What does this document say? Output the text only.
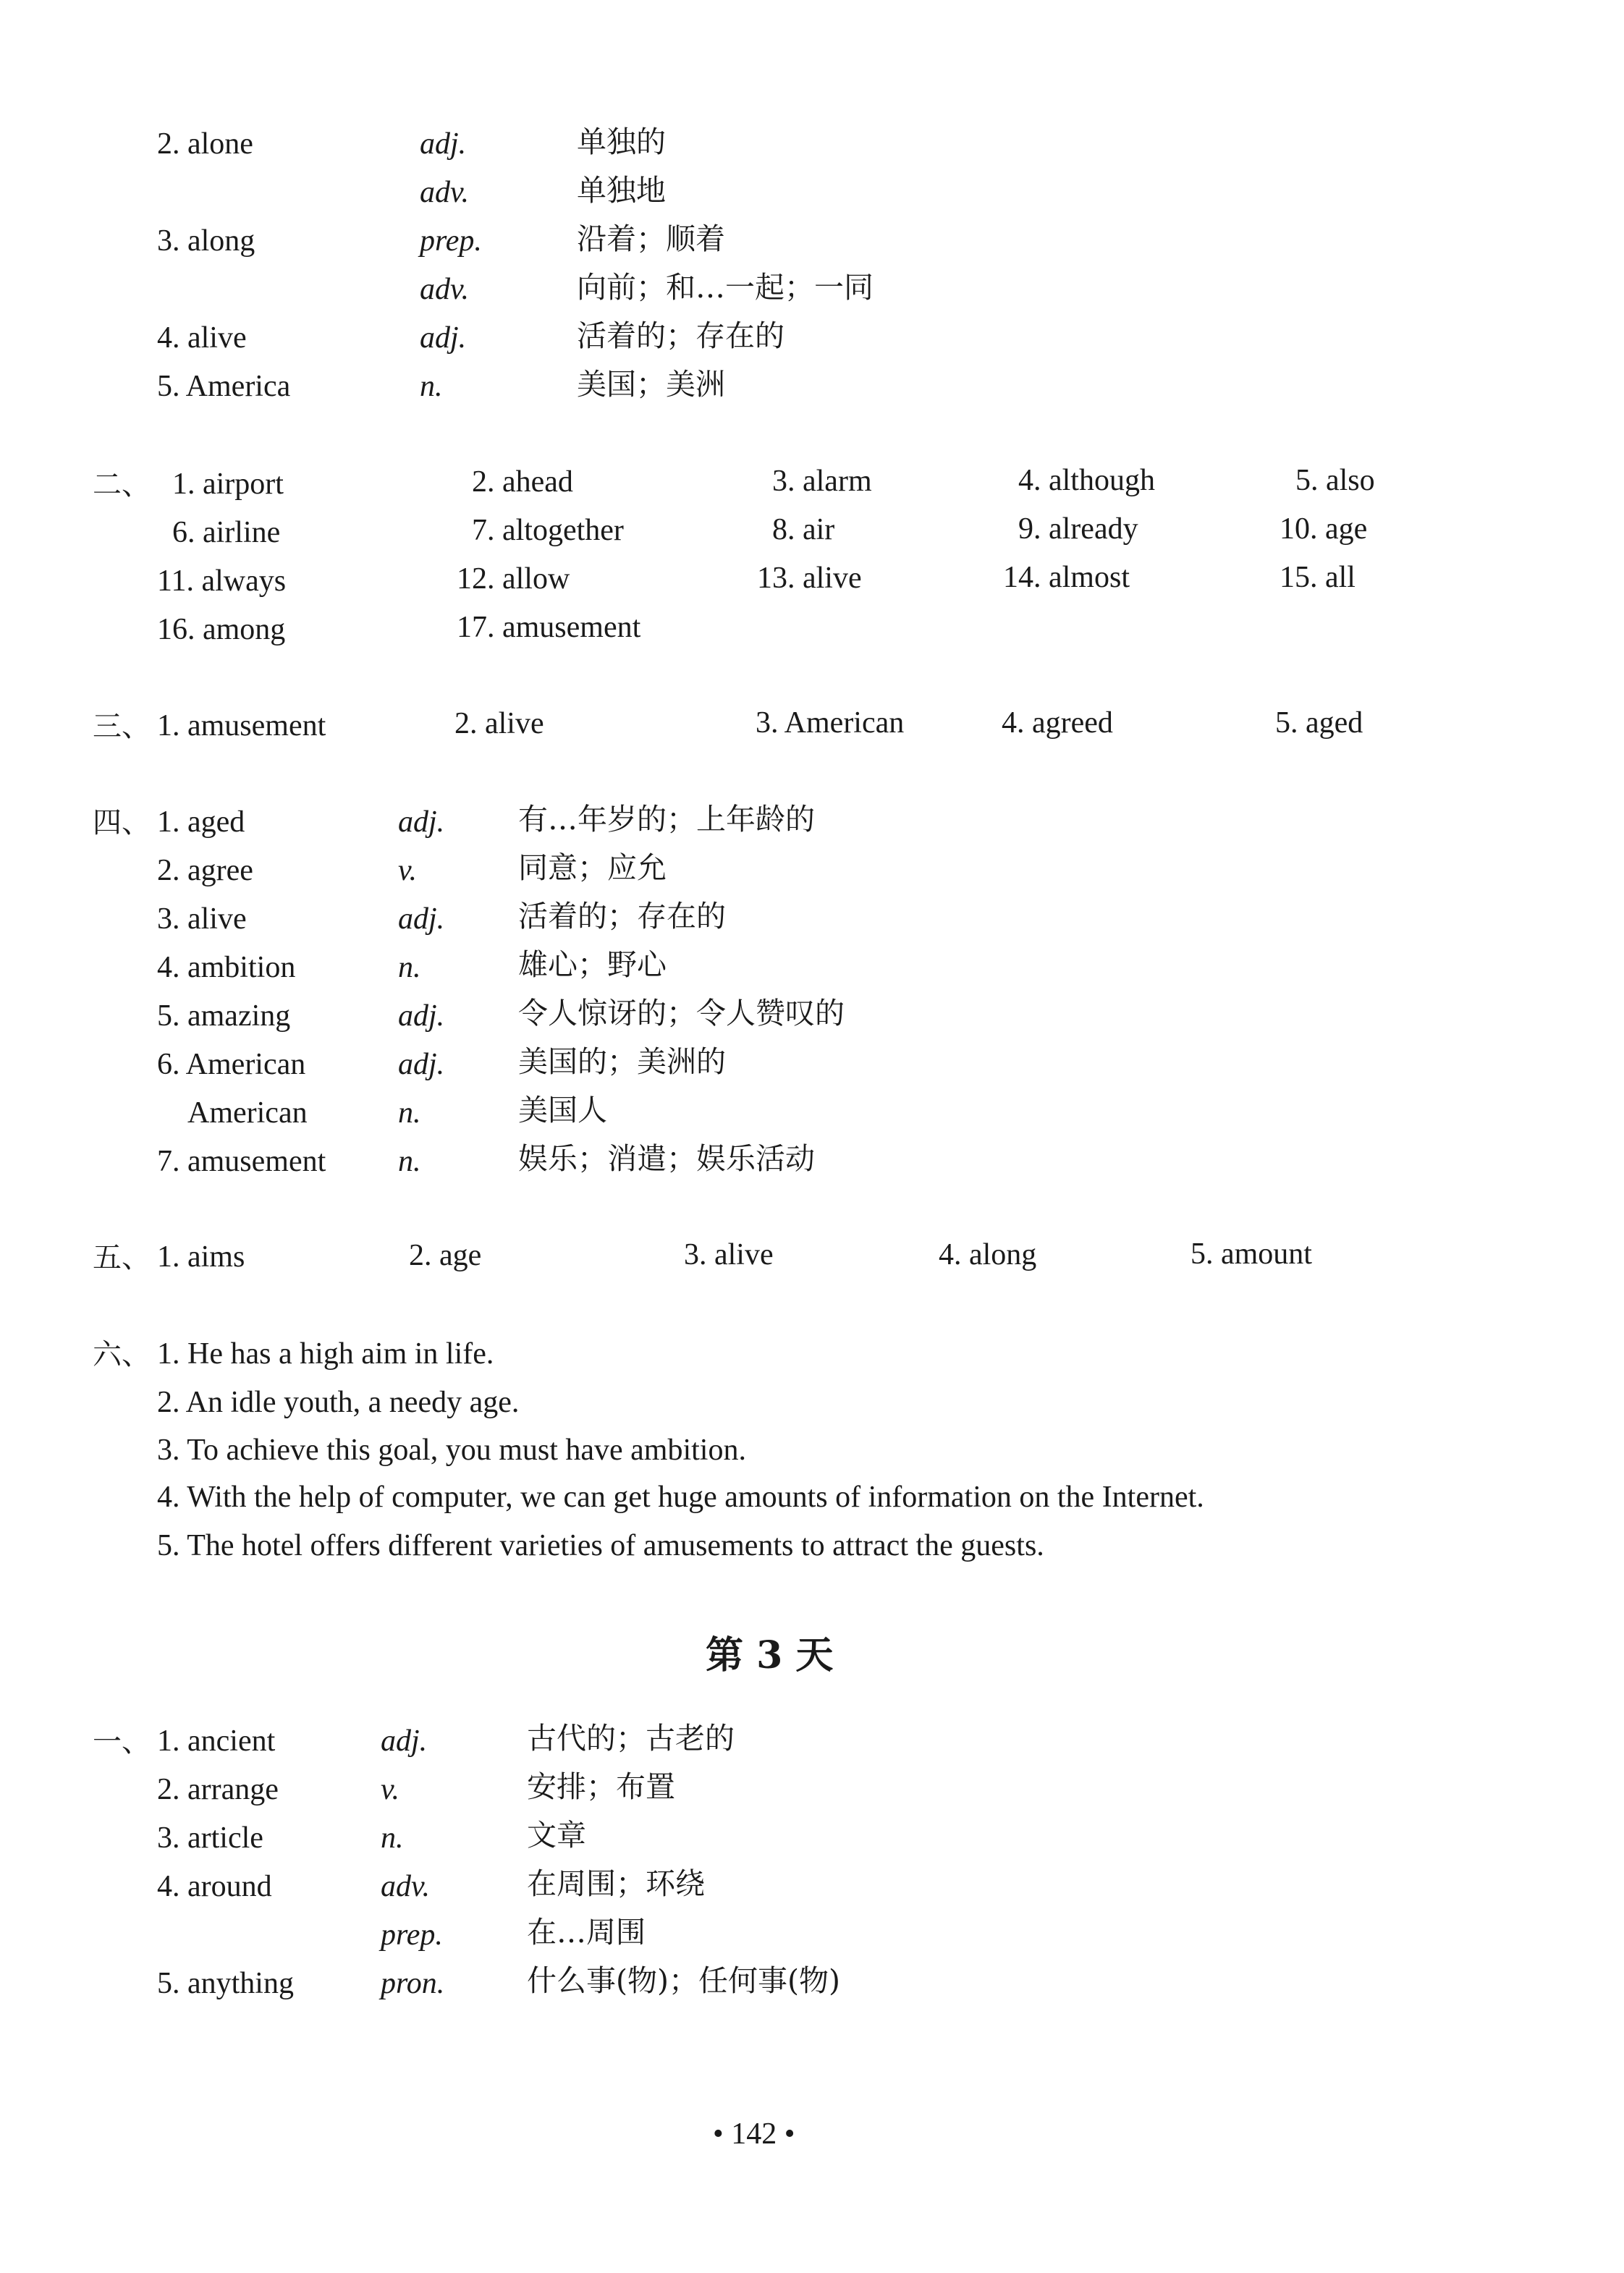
2. alone	adj.	单独的
adv.	单独地
3. along	prep.	沿着；顺着
adv.	向前；和…一起；一同
4. alive	adj.	活着的；存在的
5. America	n.	美国；美洲
二、 1. airport	2. ahead	3. alarm	4. although	5. also
6. airline	7. altogether	8. air	9. already	10. age
11. always	12. allow	13. alive	14. almost	15. all
16. among	17. amusement
三、 1. amusement	2. alive	3. American	4. agreed	5. aged
四、 1. aged	adj. 有…年岁的；上年龄的
2. agree	v.	同意；应允
3. alive	adj. 活着的；存在的
4. ambition	n.	雄心；野心
5. amazing	adj. 令人惊讶的；令人赞叹的
6. American	adj. 美国的；美洲的
American	n.	美国人
7. amusement n.	娱乐；消遣；娱乐活动
五、 1. aims	2. age	3. alive	4. along	5. amount
六、 1. He has a high aim in life.
2. An idle youth, a needy age.
3. To achieve this goal, you must have ambition.
4. With the help of computer, we can get huge amounts of information on the Internet.
5. The hotel offers different varieties of amusements to attract the guests.
第 3 天
一、 1. ancient	adj.	古代的；古老的
2. arrange	v.	安排；布置
3. article	n.	文章
4. around	adv.	在周围；环绕
prep.	在…周围
5. anything	pron.	什么事(物)；任何事(物)
• 142 •
